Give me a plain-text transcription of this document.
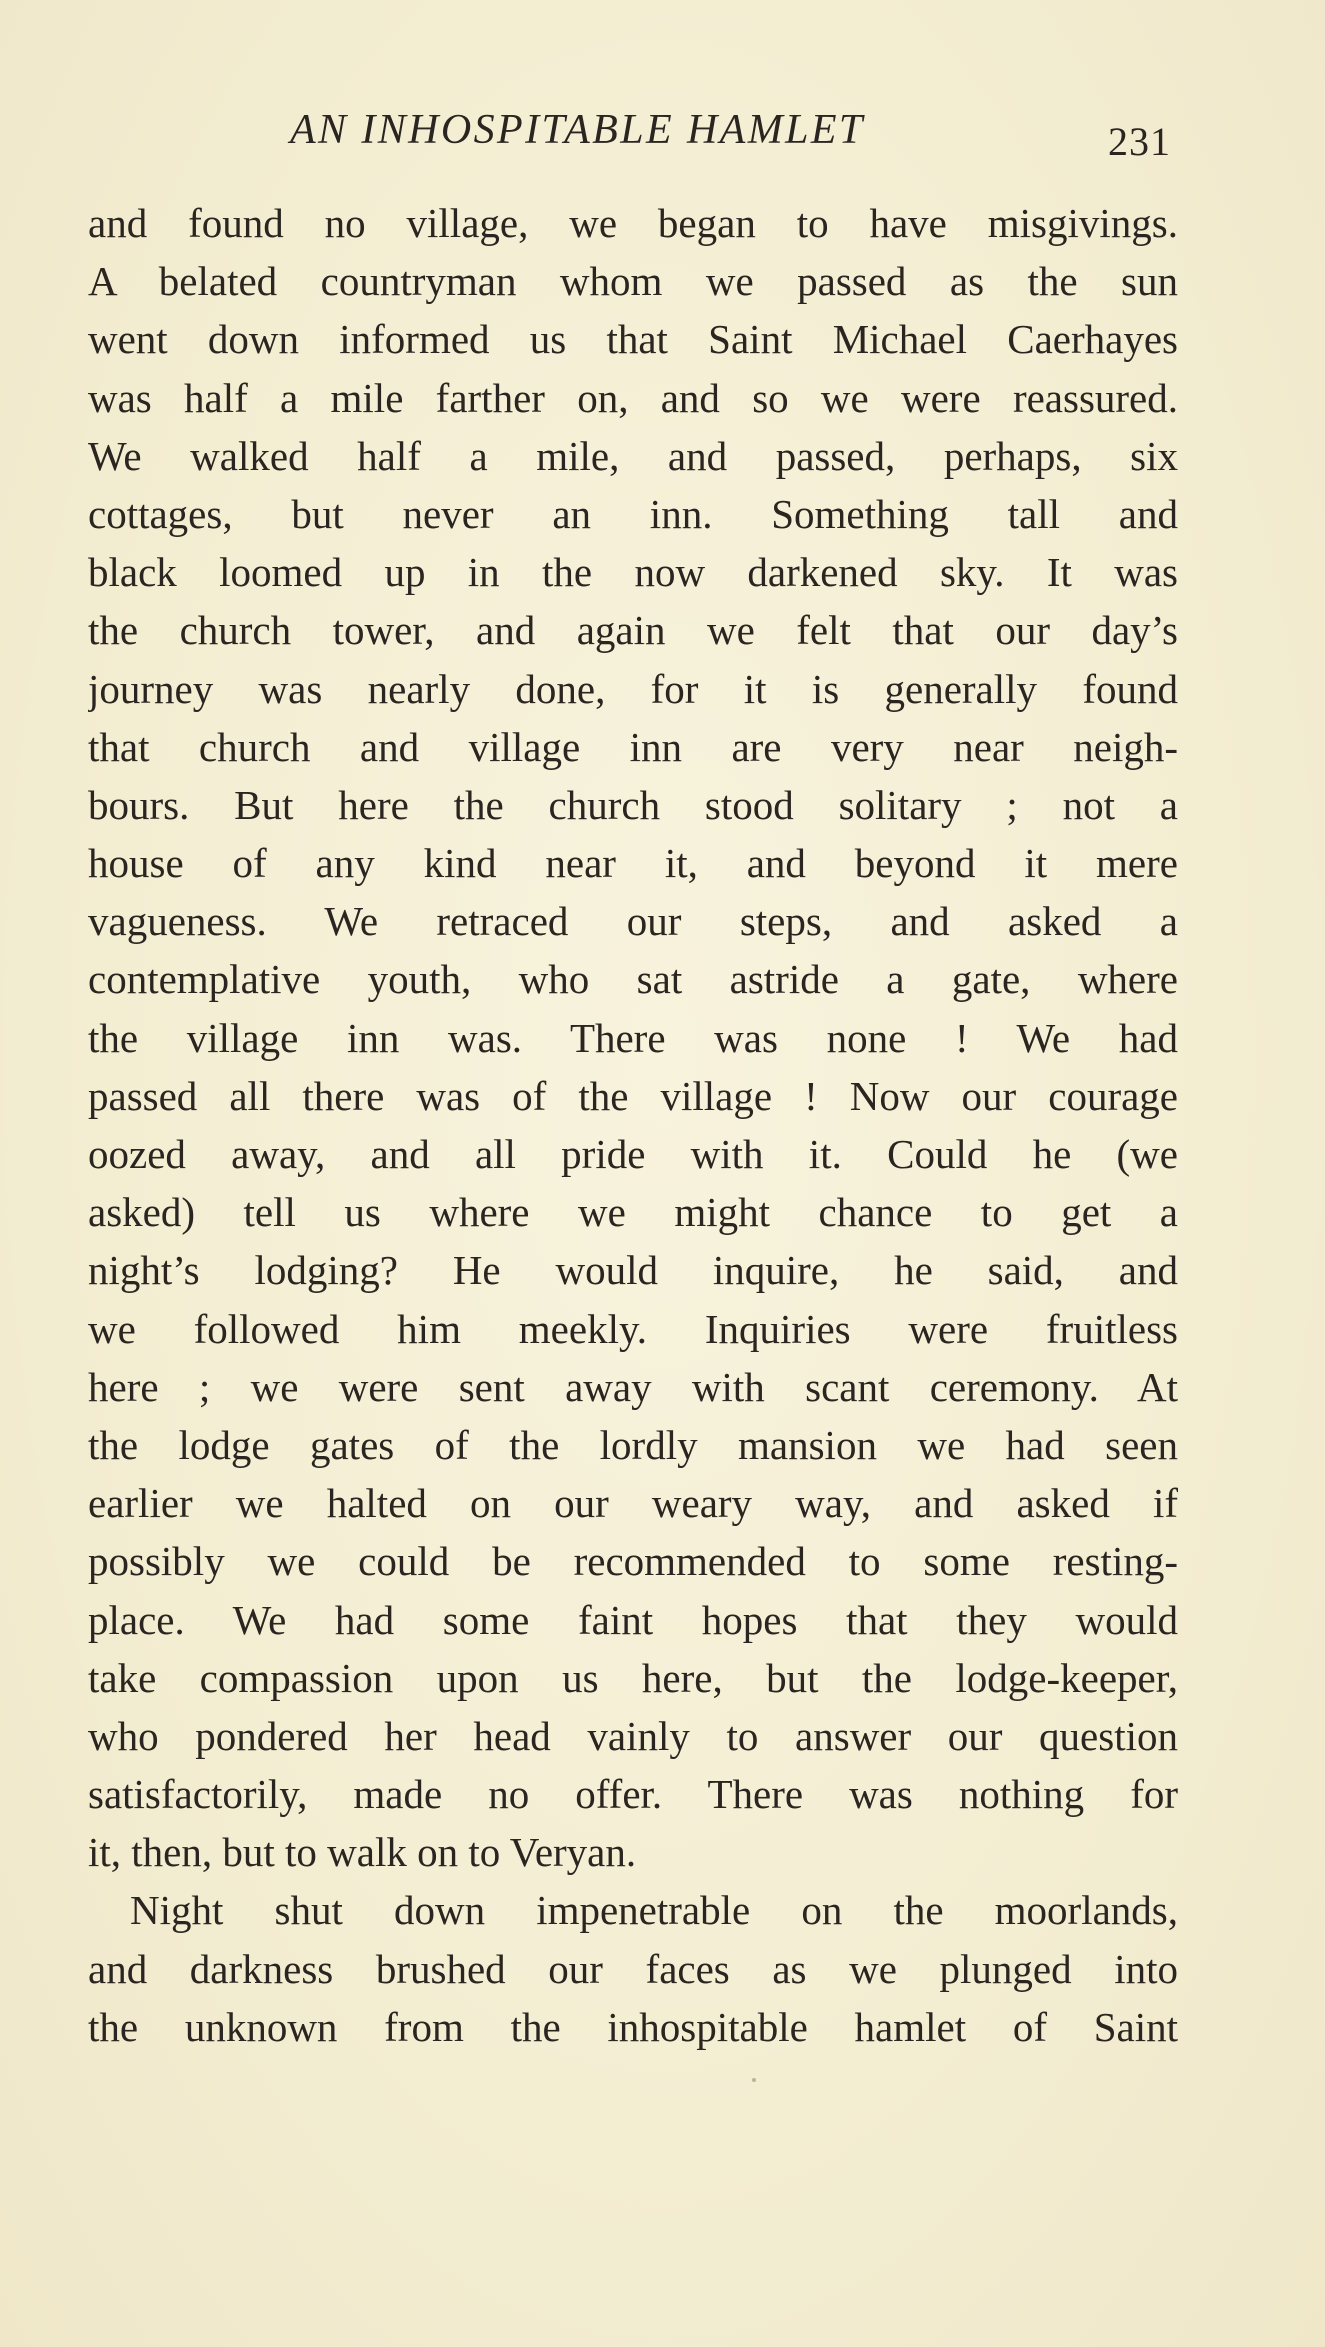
AN INHOSPITABLE HAMLET	231
and found no village, we began to have misgivings.
A belated countryman whom we passed as the sun
went down informed us that Saint Michael Caerhayes
was half a mile farther on, and so we were reassured.
We walked half a mile, and passed, perhaps, six
cottages, but never an inn. Something tall and
black loomed up in the now darkened sky. It was
the church tower, and again we felt that our day’s
journey was nearly done, for it is generally found
that church and village inn are very near neigh-
bours. But here the church stood solitary ; not a
house of any kind near it, and beyond it mere
vagueness. We retraced our steps, and asked a
contemplative youth, who sat astride a gate, where
the village inn was. There was none ! We had
passed all there was of the village ! Now our courage
oozed away, and all pride with it. Could he (we
asked) tell us where we might chance to get a
night’s lodging? He would inquire, he said, and
we followed him meekly. Inquiries were fruitless
here ; we were sent away with scant ceremony. At
the lodge gates of the lordly mansion we had seen
earlier we halted on our weary way, and asked if
possibly we could be recommended to some resting-
place. We had some faint hopes that they would
take compassion upon us here, but the lodge-keeper,
who pondered her head vainly to answer our question
satisfactorily, made no offer. There was nothing for
it, then, but to walk on to Veryan.
Night shut down impenetrable on the moorlands,
and darkness brushed our faces as we plunged into
the unknown from the inhospitable hamlet of Saint
